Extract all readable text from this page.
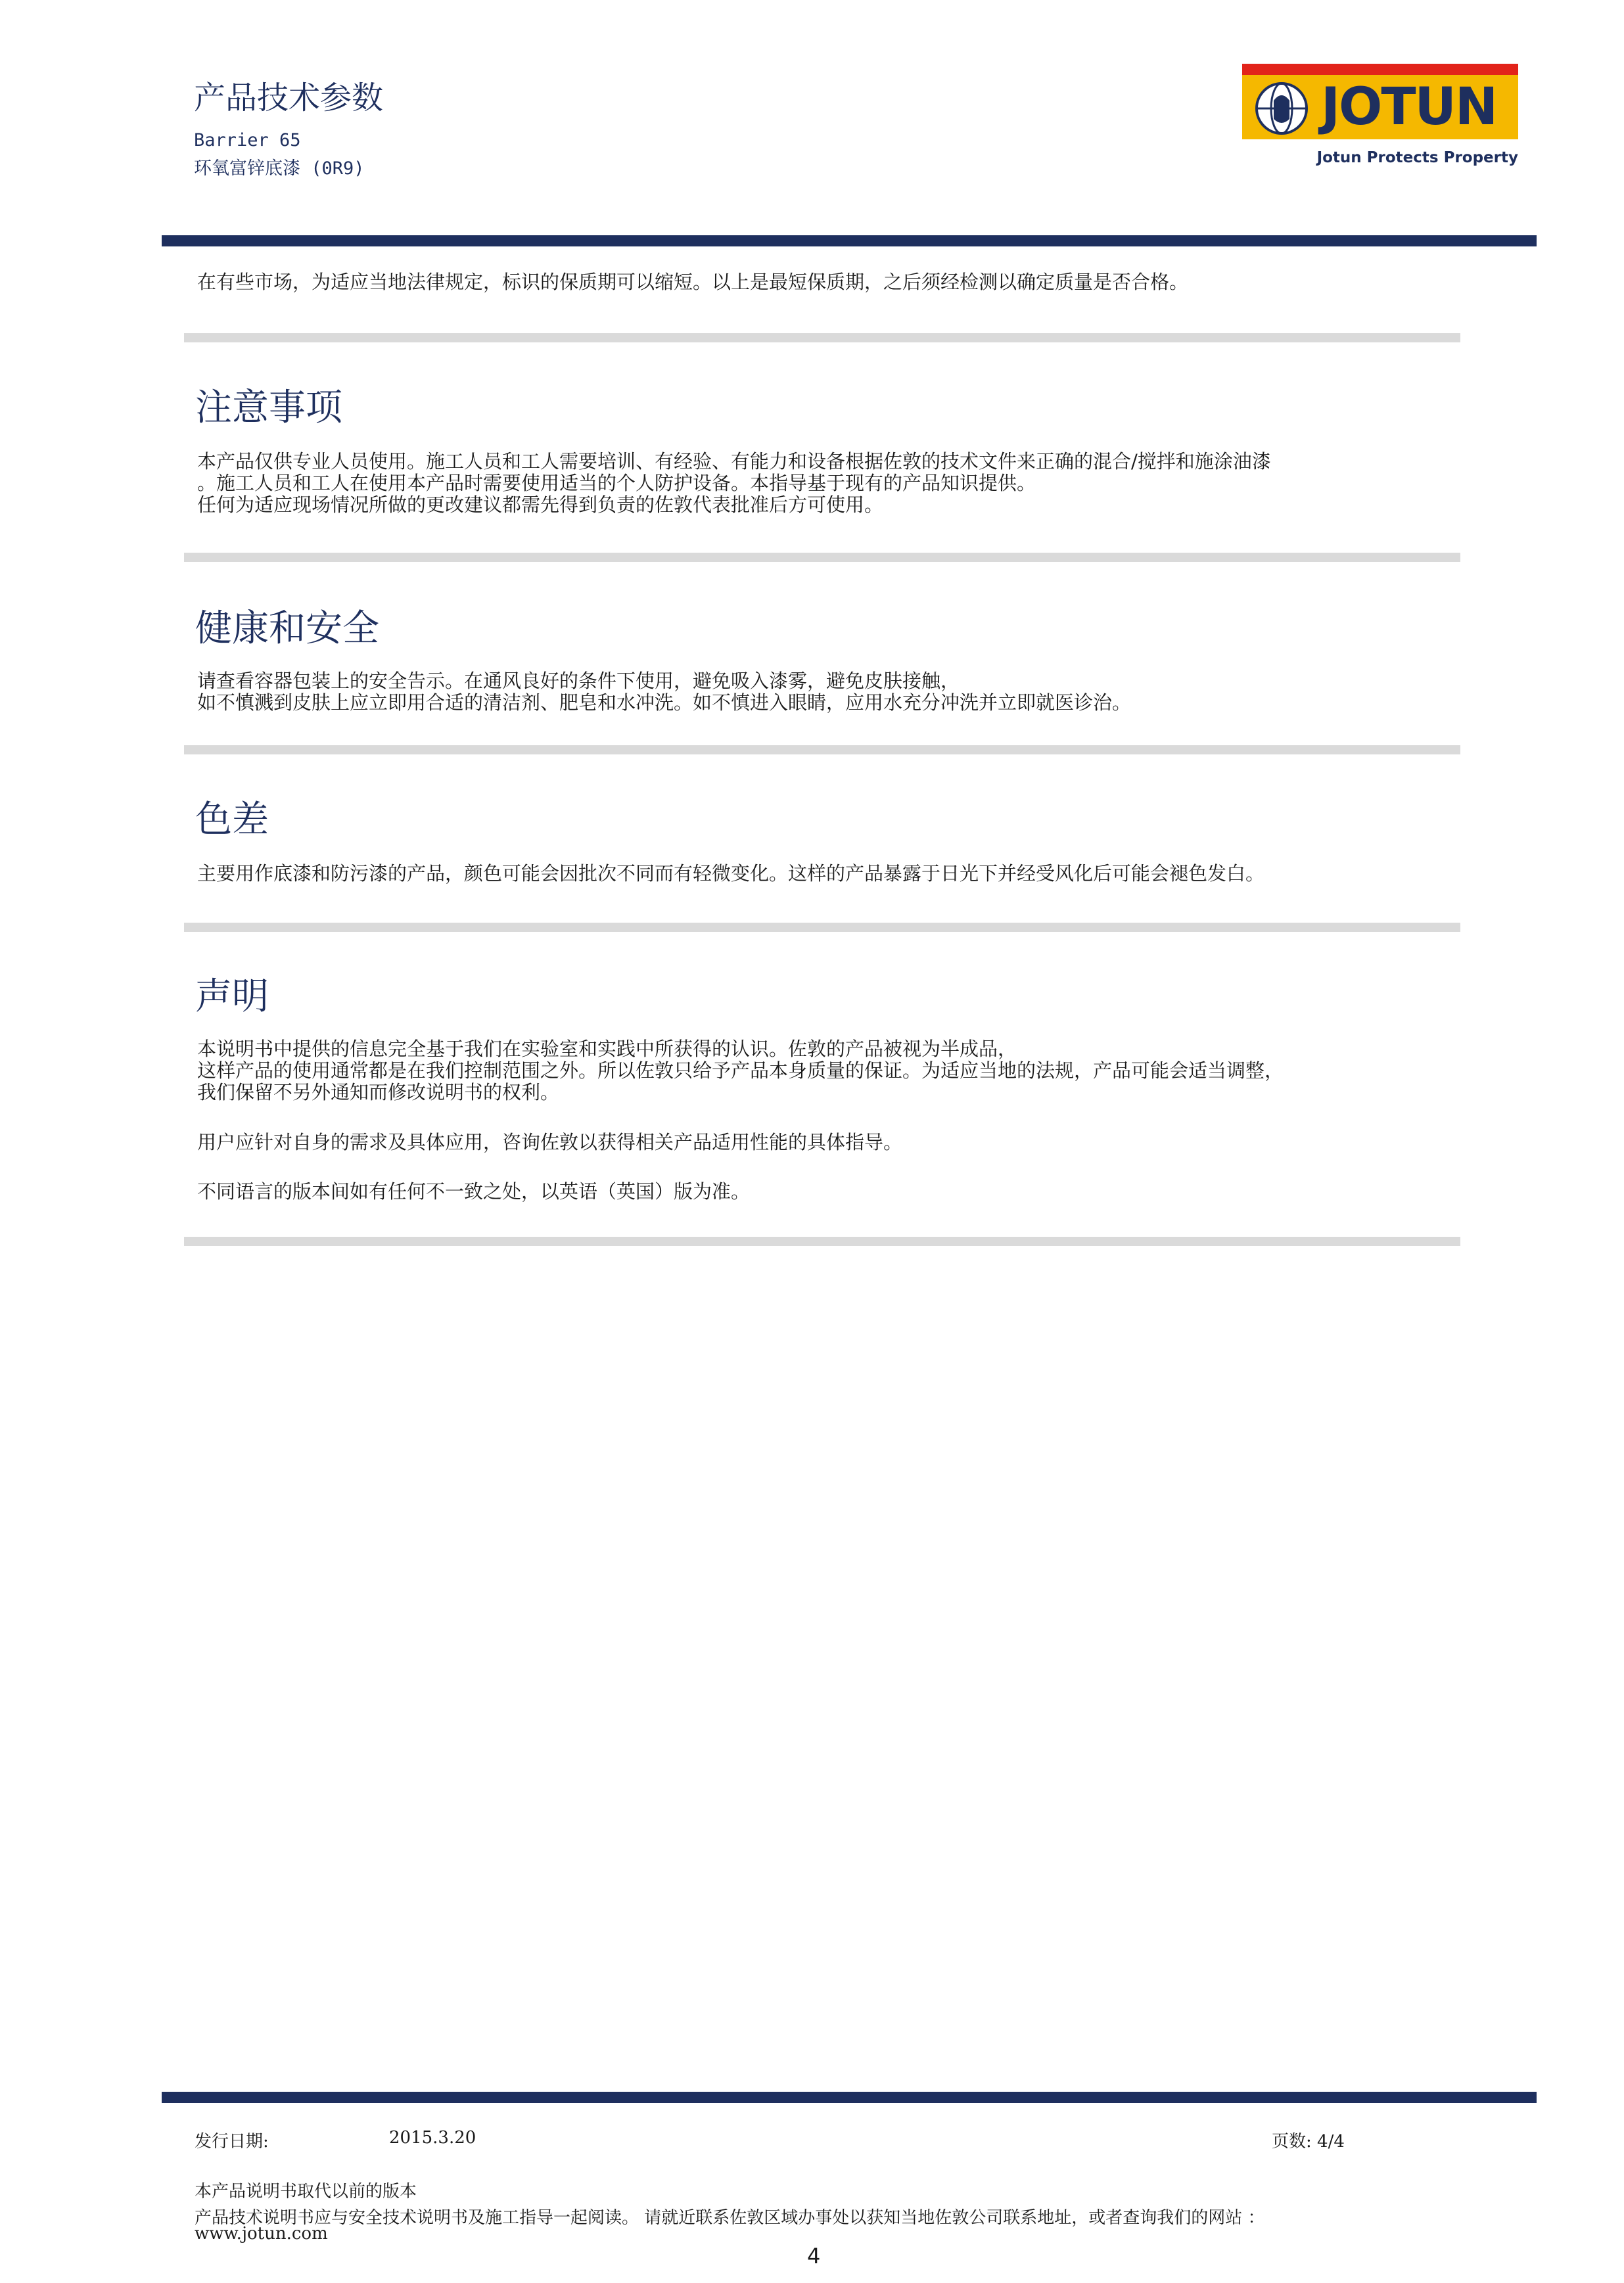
产品技术参数
Barrier 65
环氧富锌底漆 (0R9)
JOTUN
Jotun Protects Property
在有些市场，为适应当地法律规定，标识的保质期可以缩短。以上是最短保质期，之后须经检测以确定质量是否合格。
注意事项
本产品仅供专业人员使用。施工人员和工人需要培训、有经验、有能力和设备根据佐敦的技术文件来正确的混合/搅拌和施涂油漆
。施工人员和工人在使用本产品时需要使用适当的个人防护设备。本指导基于现有的产品知识提供。
任何为适应现场情况所做的更改建议都需先得到负责的佐敦代表批准后方可使用。
健康和安全
请查看容器包装上的安全告示。在通风良好的条件下使用，避免吸入漆雾，避免皮肤接触，
如不慎溅到皮肤上应立即用合适的清洁剂、肥皂和水冲洗。如不慎进入眼睛，应用水充分冲洗并立即就医诊治。
色差
主要用作底漆和防污漆的产品，颜色可能会因批次不同而有轻微变化。这样的产品暴露于日光下并经受风化后可能会褪色发白。
声明
本说明书中提供的信息完全基于我们在实验室和实践中所获得的认识。佐敦的产品被视为半成品，
这样产品的使用通常都是在我们控制范围之外。所以佐敦只给予产品本身质量的保证。为适应当地的法规，产品可能会适当调整，
我们保留不另外通知而修改说明书的权利。
用户应针对自身的需求及具体应用，咨询佐敦以获得相关产品适用性能的具体指导。
不同语言的版本间如有任何不一致之处，以英语（英国）版为准。
发行日期:	2015.3.20	页数: 4/4
本产品说明书取代以前的版本
产品技术说明书应与安全技术说明书及施工指导一起阅读。 请就近联系佐敦区域办事处以获知当地佐敦公司联系地址，或者查询我们的网站 ：
www.jotun.com
4
